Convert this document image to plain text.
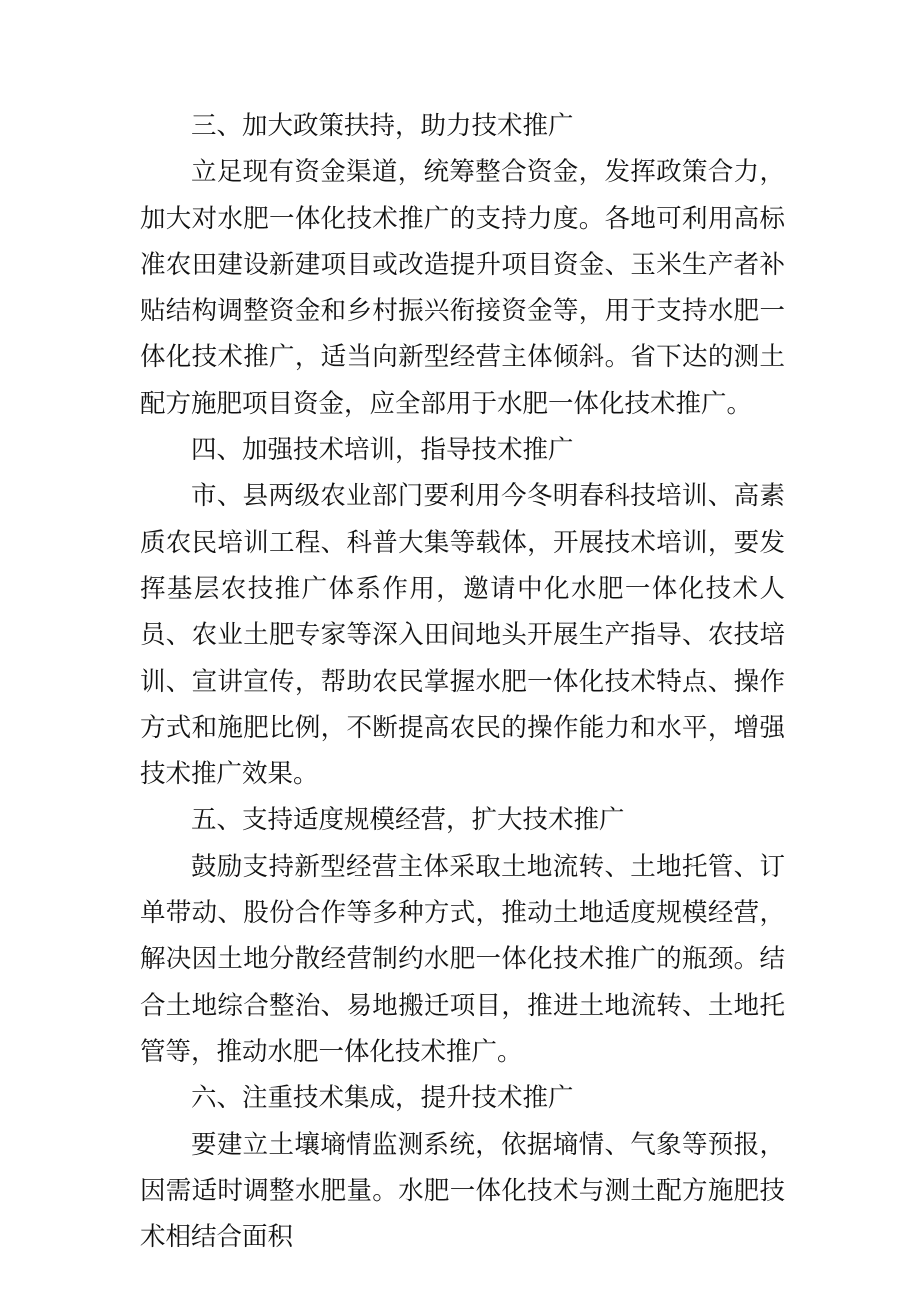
三、加大政策扶持，助力技术推广

立足现有资金渠道，统筹整合资金，发挥政策合力，加大对水肥一体化技术推广的支持力度。各地可利用高标准农田建设新建项目或改造提升项目资金、玉米生产者补贴结构调整资金和乡村振兴衔接资金等，用于支持水肥一体化技术推广，适当向新型经营主体倾斜。省下达的测土配方施肥项目资金，应全部用于水肥一体化技术推广。

四、加强技术培训，指导技术推广

市、县两级农业部门要利用今冬明春科技培训、高素质农民培训工程、科普大集等载体，开展技术培训，要发挥基层农技推广体系作用，邀请中化水肥一体化技术人员、农业土肥专家等深入田间地头开展生产指导、农技培训、宣讲宣传，帮助农民掌握水肥一体化技术特点、操作方式和施肥比例，不断提高农民的操作能力和水平，增强技术推广效果。

五、支持适度规模经营，扩大技术推广

鼓励支持新型经营主体采取土地流转、土地托管、订单带动、股份合作等多种方式，推动土地适度规模经营，解决因土地分散经营制约水肥一体化技术推广的瓶颈。结合土地综合整治、易地搬迁项目，推进土地流转、土地托管等，推动水肥一体化技术推广。

六、注重技术集成，提升技术推广

要建立土壤墒情监测系统，依据墒情、气象等预报，因需适时调整水肥量。水肥一体化技术与测土配方施肥技术相结合面积
